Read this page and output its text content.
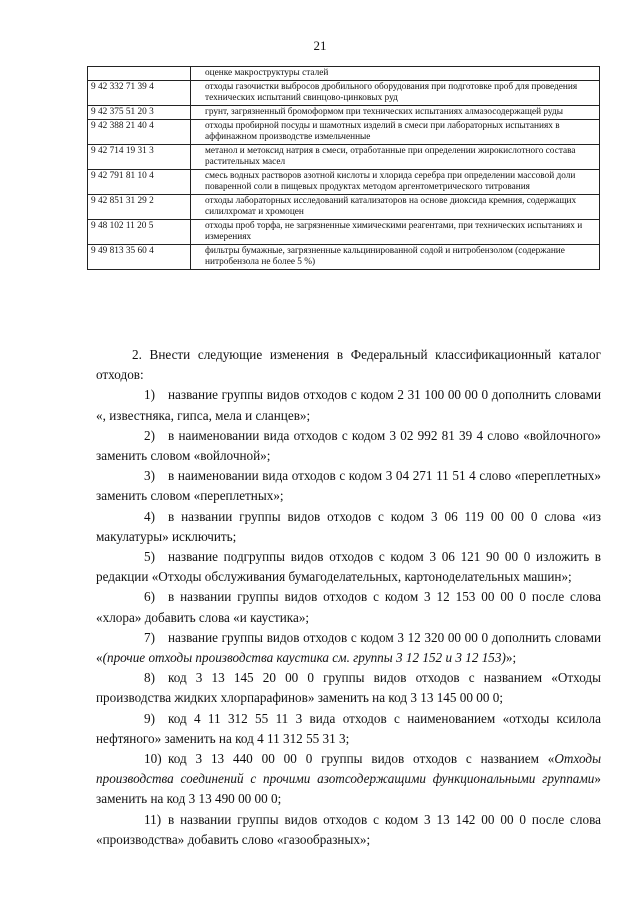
21
	оценке макроструктуры сталей
9 42 332 71 39 4	отходы газочистки выбросов дробильного оборудования при подготовке проб для проведения технических испытаний свинцово-цинковых руд
9 42 375 51 20 3	грунт, загрязненный бромоформом при технических испытаниях алмазосодержащей руды
9 42 388 21 40 4	отходы пробирной посуды и шамотных изделий в смеси при лабораторных испытаниях в аффинажном производстве измельченные
9 42 714 19 31 3	метанол и метоксид натрия в смеси, отработанные при определении жирокислотного состава растительных масел
9 42 791 81 10 4	смесь водных растворов азотной кислоты и хлорида серебра при определении массовой доли поваренной соли в пищевых продуктах методом аргентометрического титрования
9 42 851 31 29 2	отходы лабораторных исследований катализаторов на основе диоксида кремния, содержащих силилхромат и хромоцен
9 48 102 11 20 5	отходы проб торфа, не загрязненные химическими реагентами, при технических испытаниях и измерениях
9 49 813 35 60 4	фильтры бумажные, загрязненные кальцинированной содой и нитробензолом (содержание нитробензола не более 5 %)

2. Внести следующие изменения в Федеральный классификационный каталог отходов:

1) название группы видов отходов с кодом 2 31 100 00 00 0 дополнить словами «, известняка, гипса, мела и сланцев»;

2) в наименовании вида отходов с кодом 3 02 992 81 39 4 слово «войлочного» заменить словом «войлочной»;

3) в наименовании вида отходов с кодом 3 04 271 11 51 4 слово «переплетных» заменить словом «переплетных»;

4) в названии группы видов отходов с кодом 3 06 119 00 00 0 слова «из макулатуры» исключить;

5) название подгруппы видов отходов с кодом 3 06 121 90 00 0 изложить в редакции «Отходы обслуживания бумагоделательных, картоноделательных машин»;

6) в названии группы видов отходов с кодом 3 12 153 00 00 0 после слова «хлора» добавить слова «и каустика»;

7) название группы видов отходов с кодом 3 12 320 00 00 0 дополнить словами «(прочие отходы производства каустика см. группы 3 12 152 и 3 12 153)»;

8) код 3 13 145 20 00 0 группы видов отходов с названием «Отходы производства жидких хлорпарафинов» заменить на код 3 13 145 00 00 0;

9) код 4 11 312 55 11 3 вида отходов с наименованием «отходы ксилола нефтяного» заменить на код 4 11 312 55 31 3;

10) код 3 13 440 00 00 0 группы видов отходов с названием «Отходы производства соединений с прочими азотсодержащими функциональными группами» заменить на код 3 13 490 00 00 0;

11) в названии группы видов отходов с кодом 3 13 142 00 00 0 после слова «производства» добавить слово «газообразных»;
